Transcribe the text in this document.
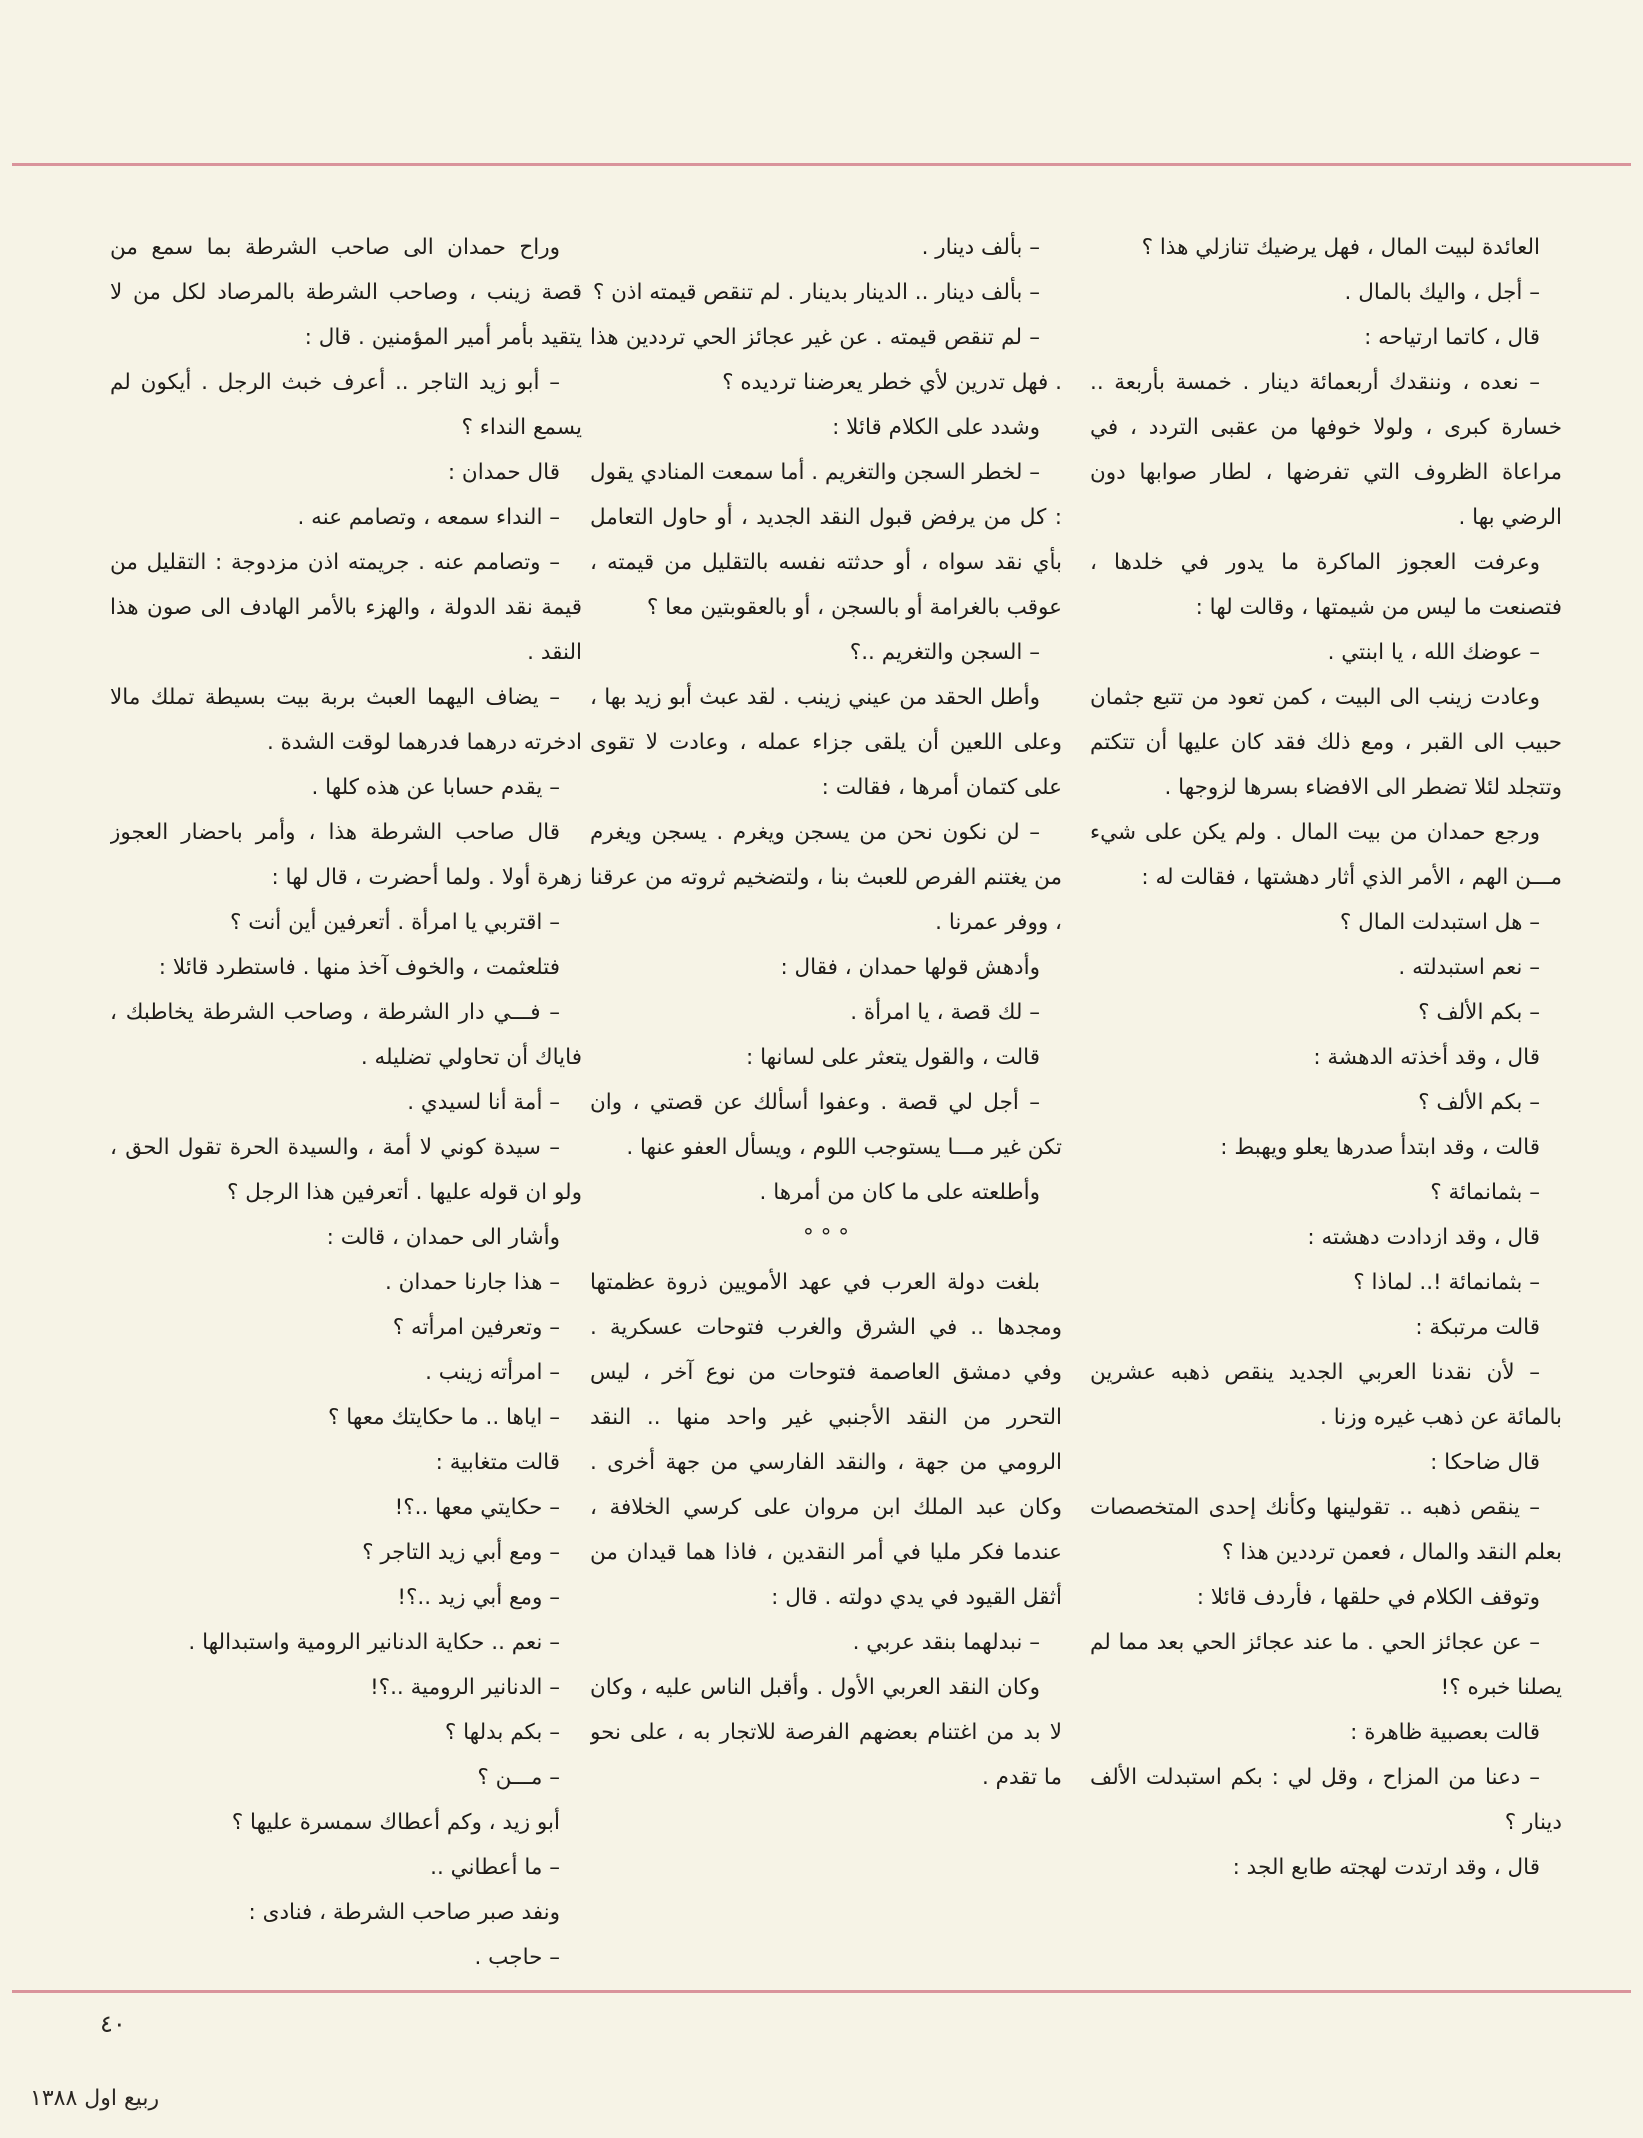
العائدة لبيت المال ، فهل يرضيك تنازلي هذا ؟

– أجل ، واليك بالمال .

قال ، كاتما ارتياحه :

– نعده ، وننقدك أربعمائة دينار . خمسة بأربعة .. خسارة كبرى ، ولولا خوفها من عقبى التردد ، في مراعاة الظروف التي تفرضها ، لطار صوابها دون الرضي بها .

وعرفت العجوز الماكرة ما يدور في خلدها ، فتصنعت ما ليس من شيمتها ، وقالت لها :

– عوضك الله ، يا ابنتي .

وعادت زينب الى البيت ، كمن تعود من تتبع جثمان حبيب الى القبر ، ومع ذلك فقد كان عليها أن تتكتم وتتجلد لئلا تضطر الى الافضاء بسرها لزوجها .

ورجع حمدان من بيت المال . ولم يكن على شيء مـــن الهم ، الأمر الذي أثار دهشتها ، فقالت له :

– هل استبدلت المال ؟

– نعم استبدلته .

– بكم الألف ؟

قال ، وقد أخذته الدهشة :

– بكم الألف ؟

قالت ، وقد ابتدأ صدرها يعلو ويهبط :

– بثمانمائة ؟

قال ، وقد ازدادت دهشته :

– بثمانمائة !.. لماذا ؟

قالت مرتبكة :

– لأن نقدنا العربي الجديد ينقص ذهبه عشرين بالمائة عن ذهب غيره وزنا .

قال ضاحكا :

– ينقص ذهبه .. تقولينها وكأنك إحدى المتخصصات بعلم النقد والمال ، فعمن ترددين هذا ؟

وتوقف الكلام في حلقها ، فأردف قائلا :

– عن عجائز الحي . ما عند عجائز الحي بعد مما لم يصلنا خبره ؟!

قالت بعصبية ظاهرة :

– دعنا من المزاح ، وقل لي : بكم استبدلت الألف دينار ؟

قال ، وقد ارتدت لهجته طابع الجد :

– بألف دينار .

– بألف دينار .. الدينار بدينار . لم تنقص قيمته اذن ؟

– لم تنقص قيمته . عن غير عجائز الحي ترددين هذا . فهل تدرين لأي خطر يعرضنا ترديده ؟

وشدد على الكلام قائلا :

– لخطر السجن والتغريم . أما سمعت المنادي يقول : كل من يرفض قبول النقد الجديد ، أو حاول التعامل بأي نقد سواه ، أو حدثته نفسه بالتقليل من قيمته ، عوقب بالغرامة أو بالسجن ، أو بالعقوبتين معا ؟

– السجن والتغريم ..؟

وأطل الحقد من عيني زينب . لقد عبث أبو زيد بها ، وعلى اللعين أن يلقى جزاء عمله ، وعادت لا تقوى على كتمان أمرها ، فقالت :

– لن نكون نحن من يسجن ويغرم . يسجن ويغرم من يغتنم الفرص للعبث بنا ، ولتضخيم ثروته من عرقنا ، ووفر عمرنا .

وأدهش قولها حمدان ، فقال :

– لك قصة ، يا امرأة .

قالت ، والقول يتعثر على لسانها :

– أجل لي قصة . وعفوا أسألك عن قصتي ، وان تكن غير مـــا يستوجب اللوم ، ويسأل العفو عنها .

وأطلعته على ما كان من أمرها .

° ° °

بلغت دولة العرب في عهد الأمويين ذروة عظمتها ومجدها .. في الشرق والغرب فتوحات عسكرية . وفي دمشق العاصمة فتوحات من نوع آخر ، ليس التحرر من النقد الأجنبي غير واحد منها .. النقد الرومي من جهة ، والنقد الفارسي من جهة أخرى . وكان عبد الملك ابن مروان على كرسي الخلافة ، عندما فكر مليا في أمر النقدين ، فاذا هما قيدان من أثقل القيود في يدي دولته . قال :

– نبدلهما بنقد عربي .

وكان النقد العربي الأول . وأقبل الناس عليه ، وكان لا بد من اغتنام بعضهم الفرصة للاتجار به ، على نحو ما تقدم .

وراح حمدان الى صاحب الشرطة بما سمع من قصة زينب ، وصاحب الشرطة بالمرصاد لكل من لا يتقيد بأمر أمير المؤمنين . قال :

– أبو زيد التاجر .. أعرف خبث الرجل . أيكون لم يسمع النداء ؟

قال حمدان :

– النداء سمعه ، وتصامم عنه .

– وتصامم عنه . جريمته اذن مزدوجة : التقليل من قيمة نقد الدولة ، والهزء بالأمر الهادف الى صون هذا النقد .

– يضاف اليهما العبث بربة بيت بسيطة تملك مالا ادخرته درهما فدرهما لوقت الشدة .

– يقدم حسابا عن هذه كلها .

قال صاحب الشرطة هذا ، وأمر باحضار العجوز زهرة أولا . ولما أحضرت ، قال لها :

– اقتربي يا امرأة . أتعرفين أين أنت ؟

فتلعثمت ، والخوف آخذ منها . فاستطرد قائلا :

– فـــي دار الشرطة ، وصاحب الشرطة يخاطبك ، فاياك أن تحاولي تضليله .

– أمة أنا لسيدي .

– سيدة كوني لا أمة ، والسيدة الحرة تقول الحق ، ولو ان قوله عليها . أتعرفين هذا الرجل ؟

وأشار الى حمدان ، قالت :

– هذا جارنا حمدان .

– وتعرفين امرأته ؟

– امرأته زينب .

– اياها .. ما حكايتك معها ؟

قالت متغابية :

– حكايتي معها ..؟!

– ومع أبي زيد التاجر ؟

– ومع أبي زيد ..؟!

– نعم .. حكاية الدنانير الرومية واستبدالها .

– الدنانير الرومية ..؟!

– بكم بدلها ؟

– مـــن ؟

أبو زيد ، وكم أعطاك سمسرة عليها ؟

– ما أعطاني ..

ونفد صبر صاحب الشرطة ، فنادى :

– حاجب .

٤٠
ربيع اول ١٣٨٨
